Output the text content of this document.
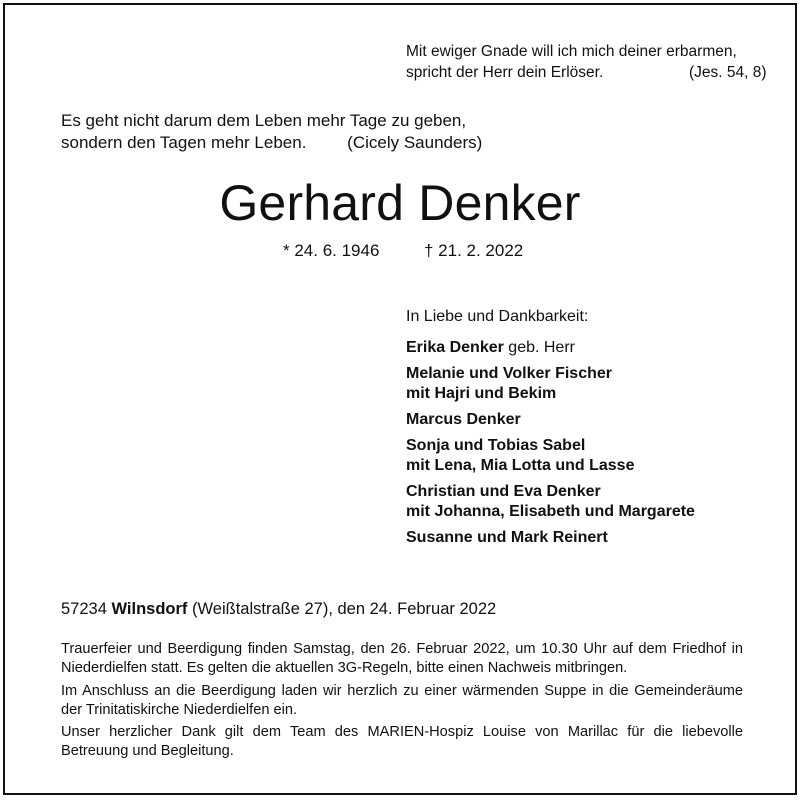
Mit ewiger Gnade will ich mich deiner erbarmen,
spricht der Herr dein Erlöser.	(Jes. 54, 8)
Es geht nicht darum dem Leben mehr Tage zu geben,
sondern den Tagen mehr Leben. (Cicely Saunders)
Gerhard Denker
* 24. 6. 1946	† 21. 2. 2022
In Liebe und Dankbarkeit:
Erika Denker geb. Herr
Melanie und Volker Fischer
mit Hajri und Bekim
Marcus Denker
Sonja und Tobias Sabel
mit Lena, Mia Lotta und Lasse
Christian und Eva Denker
mit Johanna, Elisabeth und Margarete
Susanne und Mark Reinert
57234 Wilnsdorf (Weißtalstraße 27), den 24. Februar 2022
Trauerfeier und Beerdigung finden Samstag, den 26. Februar 2022, um 10.30 Uhr auf dem Friedhof in Niederdielfen statt. Es gelten die aktuellen 3G-Regeln, bitte einen Nachweis mitbringen.
Im Anschluss an die Beerdigung laden wir herzlich zu einer wärmenden Suppe in die Gemeinderäume der Trinitatiskirche Niederdielfen ein.
Unser herzlicher Dank gilt dem Team des MARIEN-Hospiz Louise von Marillac für die liebevolle Betreuung und Begleitung.
